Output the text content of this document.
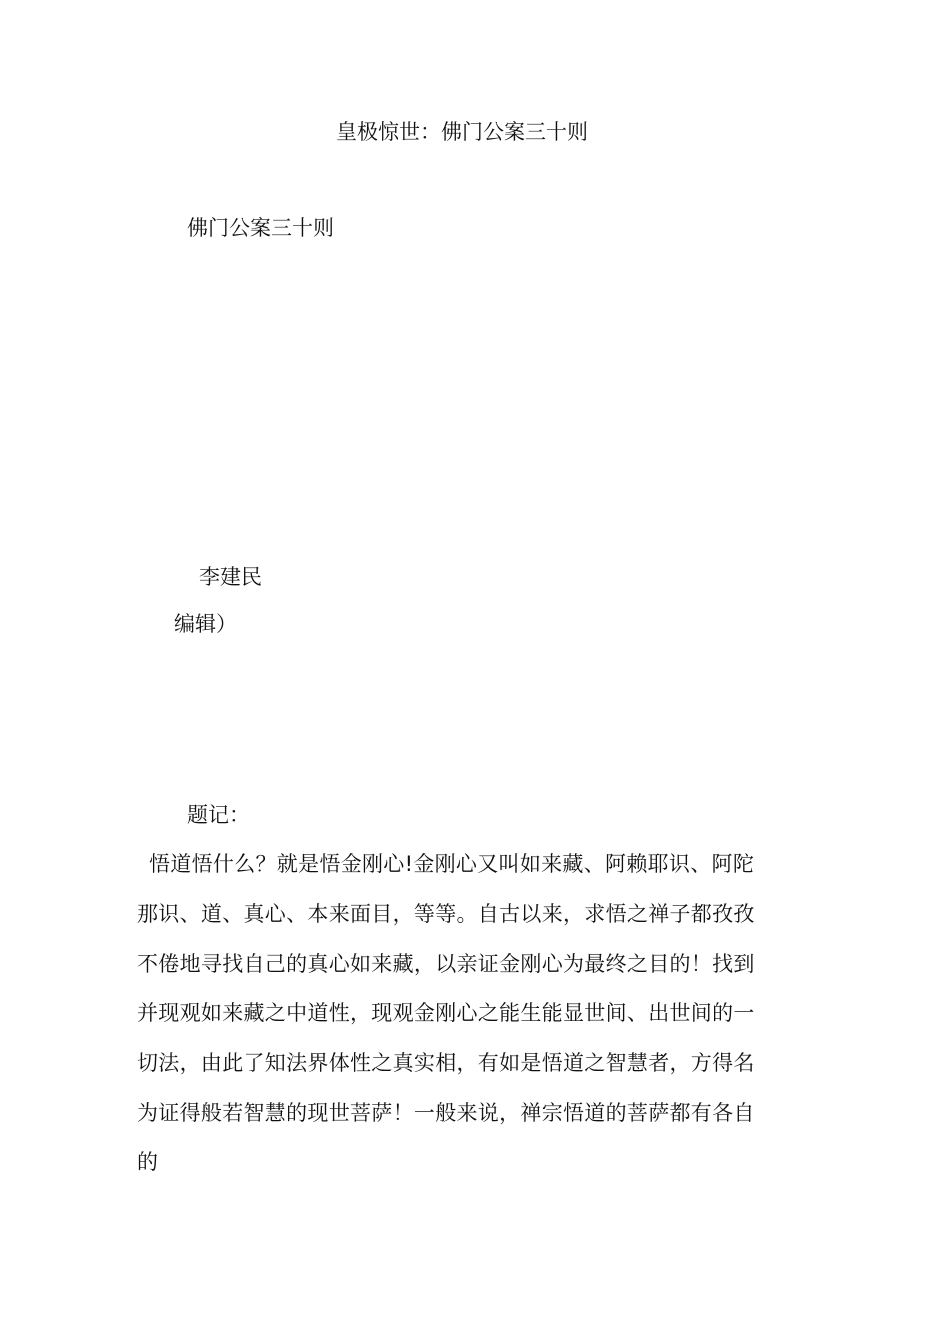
皇极惊世：佛门公案三十则
佛门公案三十则
李建民
编辑）
题记：
悟道悟什么？就是悟金刚心!金刚心又叫如来藏、阿赖耶识、阿陀
那识、道、真心、本来面目，等等。自古以来，求悟之禅子都孜孜
不倦地寻找自己的真心如来藏，以亲证金刚心为最终之目的！找到
并现观如来藏之中道性，现观金刚心之能生能显世间、出世间的一
切法，由此了知法界体性之真实相，有如是悟道之智慧者，方得名
为证得般若智慧的现世菩萨！一般来说，禅宗悟道的菩萨都有各自
的
